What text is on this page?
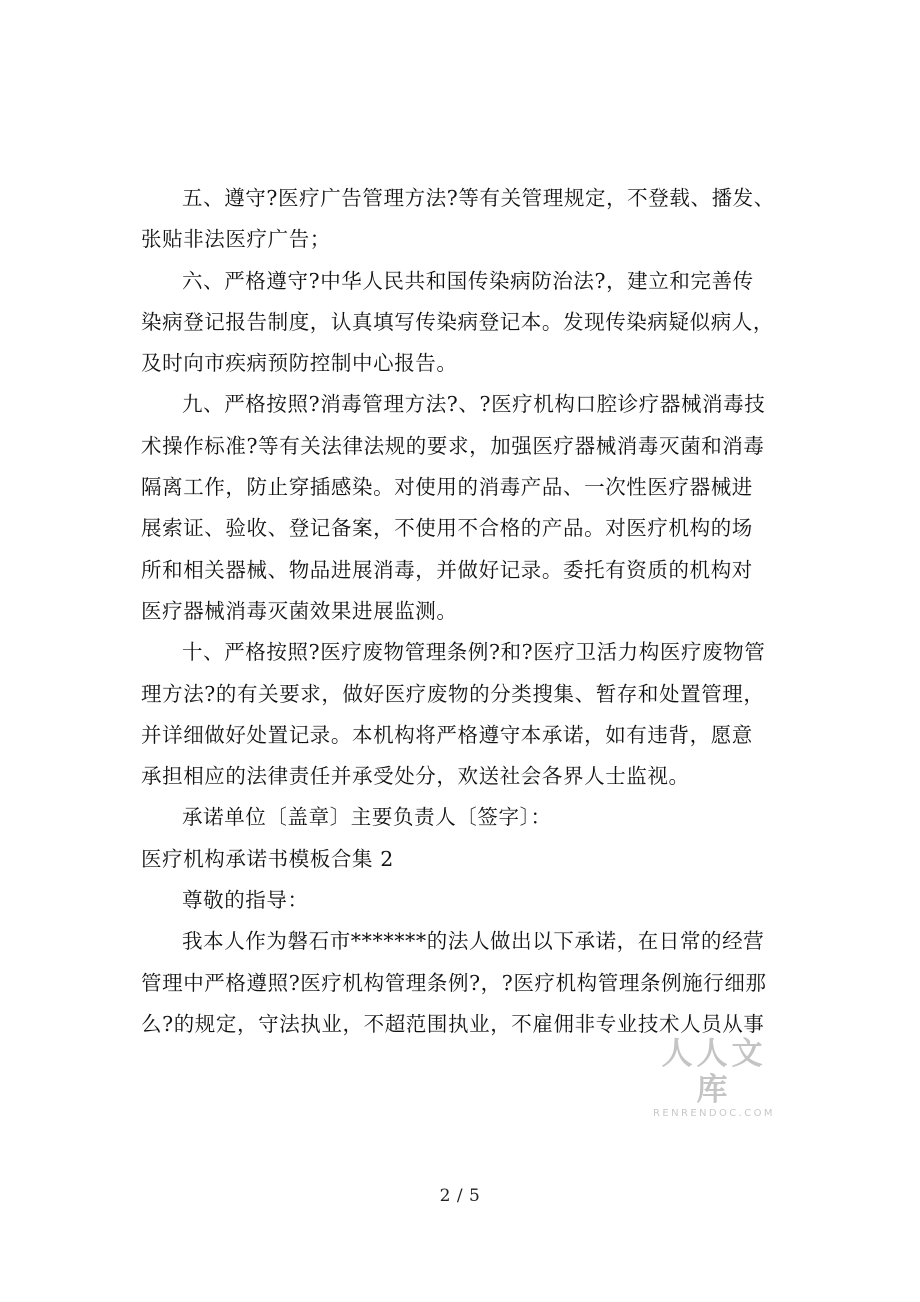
五、遵守?医疗广告管理方法?等有关管理规定，不登载、播发、
张贴非法医疗广告；
六、严格遵守?中华人民共和国传染病防治法?，建立和完善传
染病登记报告制度，认真填写传染病登记本。发现传染病疑似病人，
及时向市疾病预防控制中心报告。
九、严格按照?消毒管理方法?、?医疗机构口腔诊疗器械消毒技
术操作标准?等有关法律法规的要求，加强医疗器械消毒灭菌和消毒
隔离工作，防止穿插感染。对使用的消毒产品、一次性医疗器械进
展索证、验收、登记备案，不使用不合格的产品。对医疗机构的场
所和相关器械、物品进展消毒，并做好记录。委托有资质的机构对
医疗器械消毒灭菌效果进展监测。
十、严格按照?医疗废物管理条例?和?医疗卫活力构医疗废物管
理方法?的有关要求，做好医疗废物的分类搜集、暂存和处置管理，
并详细做好处置记录。本机构将严格遵守本承诺，如有违背，愿意
承担相应的法律责任并承受处分，欢送社会各界人士监视。
承诺单位〔盖章〕主要负责人〔签字〕：
医疗机构承诺书模板合集 2
尊敬的指导：
我本人作为磐石市*******的法人做出以下承诺，在日常的经营
管理中严格遵照?医疗机构管理条例?，?医疗机构管理条例施行细那
么?的规定，守法执业，不超范围执业，不雇佣非专业技术人员从事
人人文库
RENRENDOC.COM
2 / 5
